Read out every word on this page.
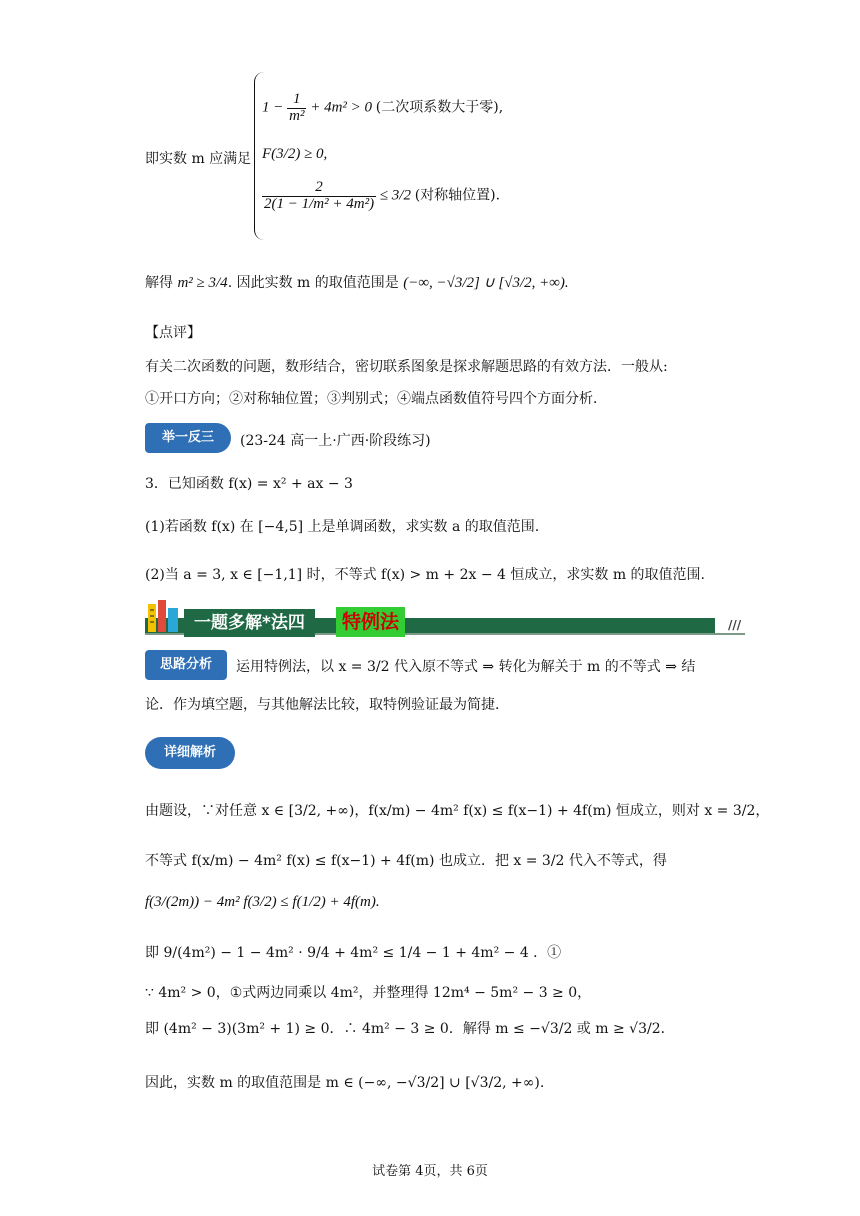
即实数 m 应满足
$1 - \frac{1}{\text{m²}} + 4m^2 > 0$ (二次项系数大于零),
F(3/2) ≥ 0,
$\frac{2}{\text{2(1 − 1/m² + 4m²)}} \le 3/2$ (对称轴位置).
解得 m² ≥ 3/4. 因此实数 m 的取值范围是 (−∞, −√3/2] ∪ [√3/2, +∞).
【点评】
有关二次函数的问题，数形结合，密切联系图象是探求解题思路的有效方法．一般从:
①开口方向；②对称轴位置；③判别式；④端点函数值符号四个方面分析．
举一反三	(23-24 高一上·广西·阶段练习)
3．已知函数 f(x) = x² + ax − 3
(1)若函数 f(x) 在 [−4,5] 上是单调函数，求实数 a 的取值范围.
(2)当 a = 3, x ∈ [−1,1] 时，不等式 f(x) > m + 2x − 4 恒成立，求实数 m 的取值范围.
一题多解*法四	特例法	///
思路分析	运用特例法，以 x = 3/2 代入原不等式 ⇒ 转化为解关于 m 的不等式 ⇒ 结
论．作为填空题，与其他解法比较，取特例验证最为简捷.
详细解析
由题设，∵对任意 x ∈ [3/2, +∞)，f(x/m) − 4m² f(x) ≤ f(x−1) + 4f(m) 恒成立，则对 x = 3/2，
不等式 f(x/m) − 4m² f(x) ≤ f(x−1) + 4f(m) 也成立．把 x = 3/2 代入不等式，得
f(3/(2m)) − 4m² f(3/2) ≤ f(1/2) + 4f(m).
即 9/(4m²) − 1 − 4m² · 9/4 + 4m² ≤ 1/4 − 1 + 4m² − 4 ．①
∵ 4m² > 0，①式两边同乘以 4m²，并整理得 12m⁴ − 5m² − 3 ≥ 0，
即 (4m² − 3)(3m² + 1) ≥ 0．∴ 4m² − 3 ≥ 0．解得 m ≤ −√3/2 或 m ≥ √3/2．
因此，实数 m 的取值范围是 m ∈ (−∞, −√3/2] ∪ [√3/2, +∞).
试卷第 4页，共 6页
